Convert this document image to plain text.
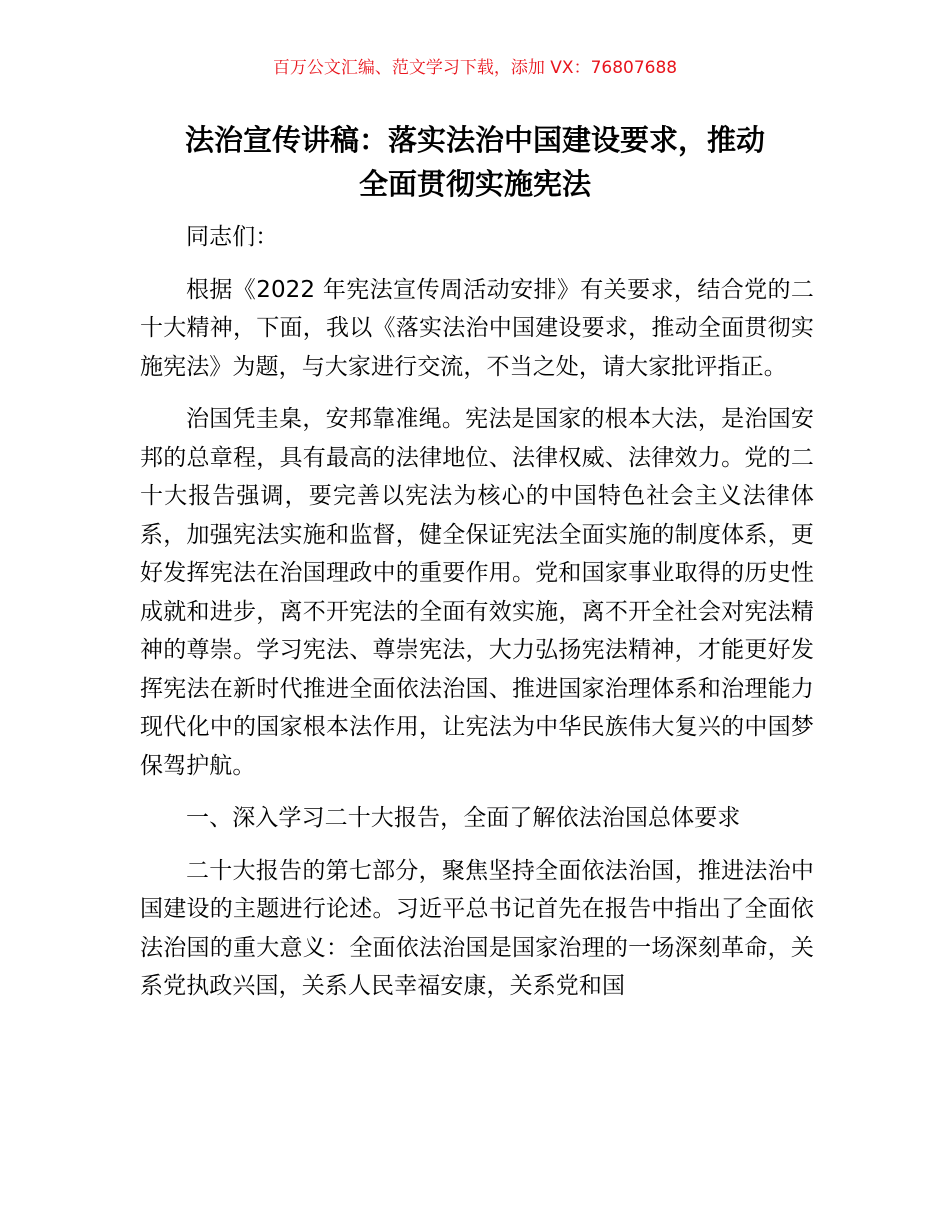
百万公文汇编、范文学习下载，添加 VX：76807688
法治宣传讲稿：落实法治中国建设要求，推动
全面贯彻实施宪法

同志们：

根据《2022 年宪法宣传周活动安排》有关要求，结合党的二十大精神，下面，我以《落实法治中国建设要求，推动全面贯彻实施宪法》为题，与大家进行交流，不当之处，请大家批评指正。

治国凭圭臬，安邦靠准绳。宪法是国家的根本大法，是治国安邦的总章程，具有最高的法律地位、法律权威、法律效力。党的二十大报告强调，要完善以宪法为核心的中国特色社会主义法律体系，加强宪法实施和监督，健全保证宪法全面实施的制度体系，更好发挥宪法在治国理政中的重要作用。党和国家事业取得的历史性成就和进步，离不开宪法的全面有效实施，离不开全社会对宪法精神的尊崇。学习宪法、尊崇宪法，大力弘扬宪法精神，才能更好发挥宪法在新时代推进全面依法治国、推进国家治理体系和治理能力现代化中的国家根本法作用，让宪法为中华民族伟大复兴的中国梦保驾护航。

一、深入学习二十大报告，全面了解依法治国总体要求

二十大报告的第七部分，聚焦坚持全面依法治国，推进法治中国建设的主题进行论述。习近平总书记首先在报告中指出了全面依法治国的重大意义：全面依法治国是国家治理的一场深刻革命，关系党执政兴国，关系人民幸福安康，关系党和国
